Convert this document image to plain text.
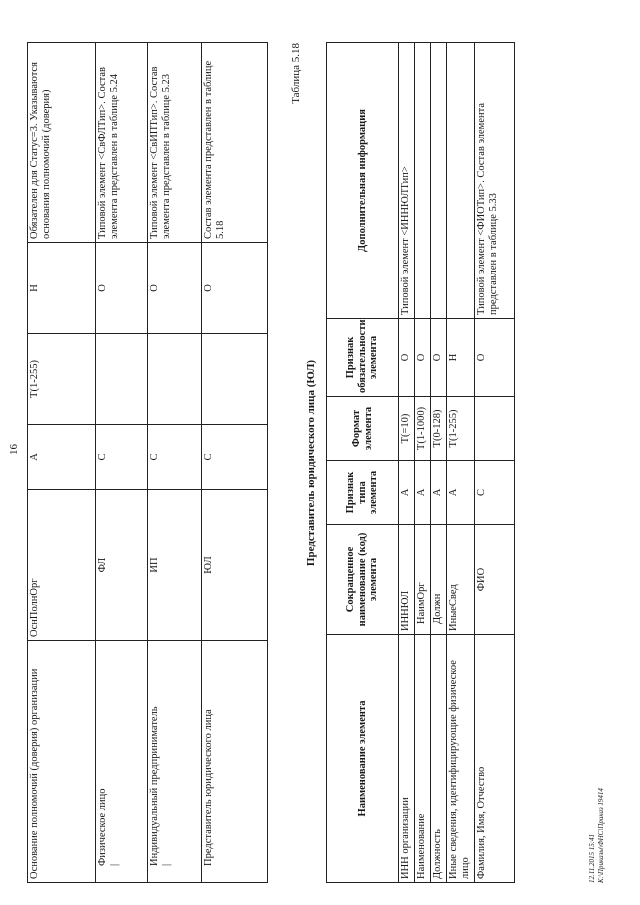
16
Основание полномочий (доверия) организации	ОснПолнОрг	А	T(1-255)	Н	Обязателен для Статус=3. Указываются основания полномочий (доверия)

Физическое лицо |	ФЛ	С		О	Типовой элемент <СвФЛТип>. Состав элемента представлен в таблице 5.24

Индивидуальный предприниматель |	ИП	С		О	Типовой элемент <СвИПТип>. Состав элемента представлен в таблице 5.23
Представитель юридического лица	ЮЛ	С		О	Состав элемента представлен в таблице 5.18
Таблица 5.18
Представитель юридического лица (ЮЛ)
Наименование элемента	Сокращенное наименование (код) элемента	Признак типа элемента	Формат элемента	Признак обязательности элемента	Дополнительная информация
ИНН организации	ИННЮЛ	А	T(=10)	О	Типовой элемент <ИННЮЛТип>
Наименование	НаимОрг	А	T(1-1000)	О	
Должность	Должн	А	T(0-128)	О	
Иные сведения, идентифицирующие физическое лицо	ИныеСвед	А	T(1-255)	Н	
Фамилия, Имя, Отчество	ФИО	С		О	Типовой элемент <ФИОТип>. Состав элемента представлен в таблице 5.33
12.11.2015 15:41 К:\Приказы\ФНС\Приказ 19414
